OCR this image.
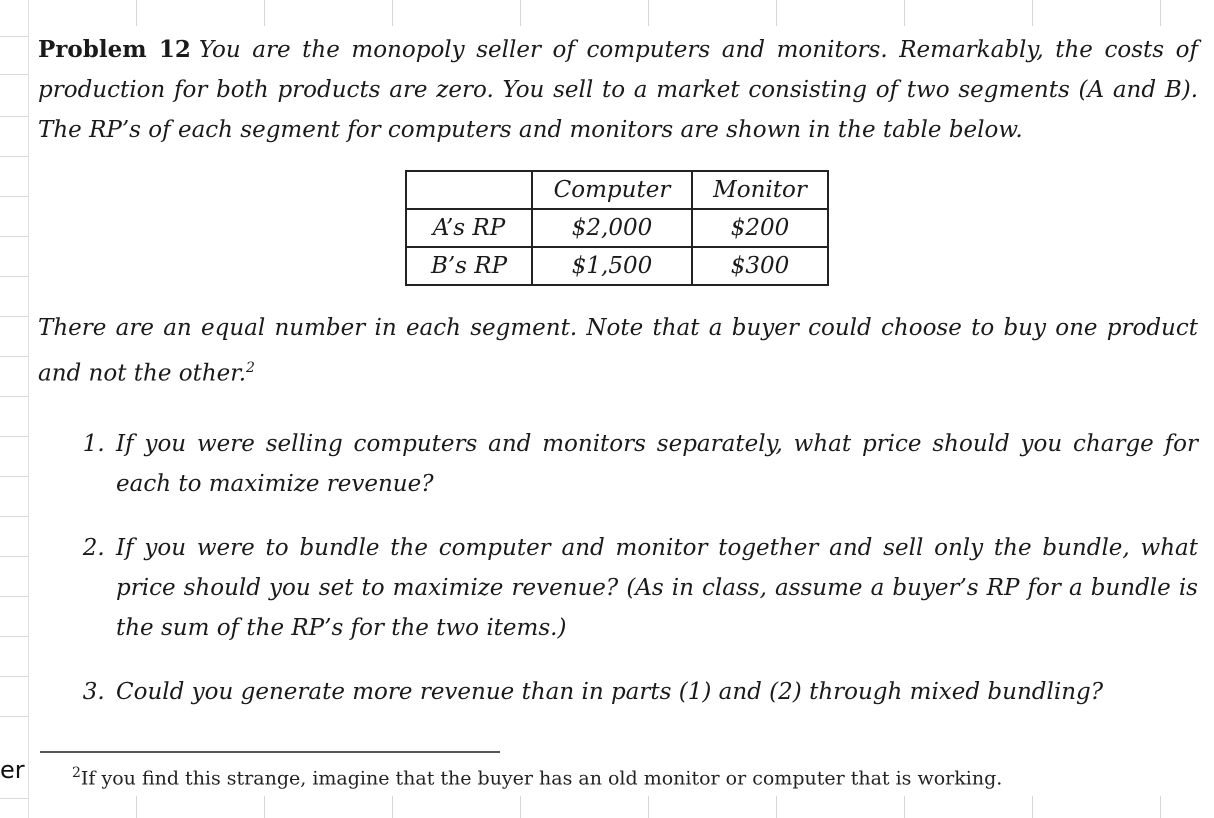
er

Problem 12 You are the monopoly seller of computers and monitors. Remarkably, the costs of production for both products are zero. You sell to a market consisting of two segments (A and B). The RP’s of each segment for computers and monitors are shown in the table below.

	Computer	Monitor
A’s RP	$2,000	$200
B’s RP	$1,500	$300

There are an equal number in each segment. Note that a buyer could choose to buy one product and not the other.$^2$

1. If you were selling computers and monitors separately, what price should you charge for each to maximize revenue?
2. If you were to bundle the computer and monitor together and sell only the bundle, what price should you set to maximize revenue? (As in class, assume a buyer’s RP for a bundle is the sum of the RP’s for the two items.)
3. Could you generate more revenue than in parts (1) and (2) through mixed bundling?
$^2$If you find this strange, imagine that the buyer has an old monitor or computer that is working.
